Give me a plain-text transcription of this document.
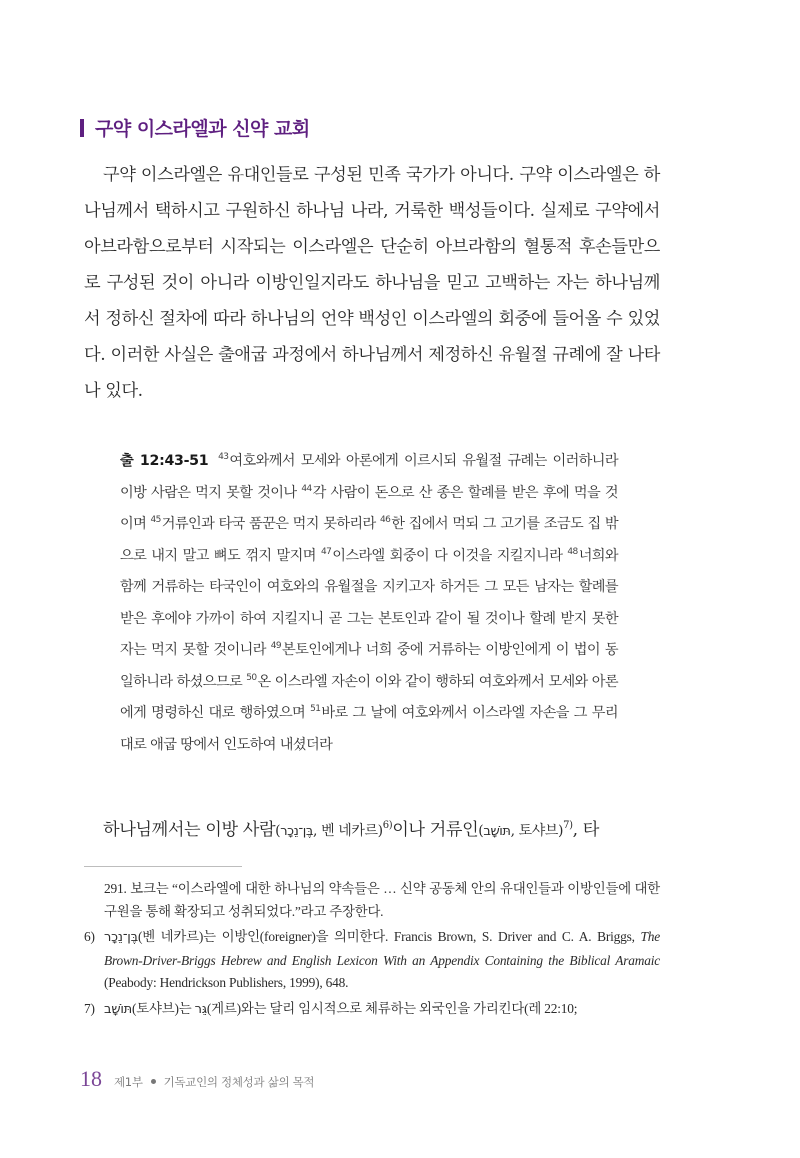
구약 이스라엘과 신약 교회

구약 이스라엘은 유대인들로 구성된 민족 국가가 아니다. 구약 이스라엘은 하나님께서 택하시고 구원하신 하나님 나라, 거룩한 백성들이다. 실제로 구약에서 아브라함으로부터 시작되는 이스라엘은 단순히 아브라함의 혈통적 후손들만으로 구성된 것이 아니라 이방인일지라도 하나님을 믿고 고백하는 자는 하나님께서 정하신 절차에 따라 하나님의 언약 백성인 이스라엘의 회중에 들어올 수 있었다. 이러한 사실은 출애굽 과정에서 하나님께서 제정하신 유월절 규례에 잘 나타나 있다.

출 12:43-51 $^{43}$여호와께서 모세와 아론에게 이르시되 유월절 규례는 이러하니라 이방 사람은 먹지 못할 것이나 $^{44}$각 사람이 돈으로 산 종은 할례를 받은 후에 먹을 것이며 $^{45}$거류인과 타국 품꾼은 먹지 못하리라 $^{46}$한 집에서 먹되 그 고기를 조금도 집 밖으로 내지 말고 뼈도 꺾지 말지며 $^{47}$이스라엘 회중이 다 이것을 지킬지니라 $^{48}$너희와 함께 거류하는 타국인이 여호와의 유월절을 지키고자 하거든 그 모든 남자는 할례를 받은 후에야 가까이 하여 지킬지니 곧 그는 본토인과 같이 될 것이나 할례 받지 못한 자는 먹지 못할 것이니라 $^{49}$본토인에게나 너희 중에 거류하는 이방인에게 이 법이 동일하니라 하셨으므로 $^{50}$온 이스라엘 자손이 이와 같이 행하되 여호와께서 모세와 아론에게 명령하신 대로 행하였으며 $^{51}$바로 그 날에 여호와께서 이스라엘 자손을 그 무리대로 애굽 땅에서 인도하여 내셨더라
하나님께서는 이방 사람(בֶּן־נֵכָר, 벤 네카르)$^{6)}$이나 거류인(תּוֹשָׁב, 토샤브)$^{7)}$, 타
291. 보크는 “이스라엘에 대한 하나님의 약속들은 … 신약 공동체 안의 유대인들과 이방인들에 대한 구원을 통해 확장되고 성취되었다.”라고 주장한다.
6) בֶּן־נֵכָר(벤 네카르)는 이방인(foreigner)을 의미한다. Francis Brown, S. Driver and C. A. Briggs, The Brown-Driver-Briggs Hebrew and English Lexicon With an Appendix Containing the Biblical Aramaic (Peabody: Hendrickson Publishers, 1999), 648.
7) תּוֹשָׁב(토샤브)는 גֵּר(게르)와는 달리 임시적으로 체류하는 외국인을 가리킨다(레 22:10;
18 제1부 기독교인의 정체성과 삶의 목적
